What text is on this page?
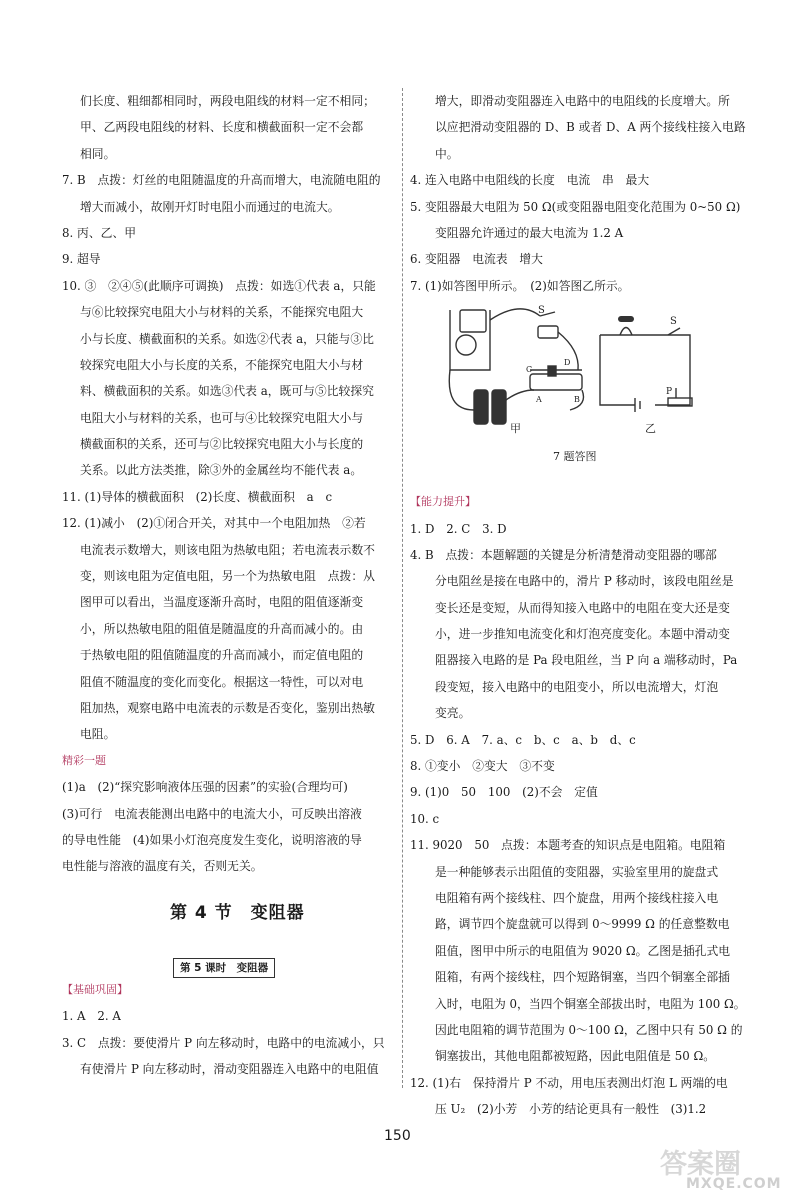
们长度、粗细都相同时，两段电阻线的材料一定不相同；
甲、乙两段电阻线的材料、长度和横截面积一定不会都
相同。
7. B　点拨：灯丝的电阻随温度的升高而增大，电流随电阻的
增大而减小，故刚开灯时电阻小而通过的电流大。
8. 丙、乙、甲
9. 超导
10. ③　②④⑤(此顺序可调换)　点拨：如选①代表 a，只能
与⑥比较探究电阻大小与材料的关系，不能探究电阻大
小与长度、横截面积的关系。如选②代表 a，只能与③比
较探究电阻大小与长度的关系，不能探究电阻大小与材
料、横截面积的关系。如选③代表 a，既可与⑤比较探究
电阻大小与材料的关系，也可与④比较探究电阻大小与
横截面积的关系，还可与②比较探究电阻大小与长度的
关系。以此方法类推，除③外的金属丝均不能代表 a。
11. (1)导体的横截面积　(2)长度、横截面积　a　c
12. (1)减小　(2)①闭合开关，对其中一个电阻加热　②若
电流表示数增大，则该电阻为热敏电阻；若电流表示数不
变，则该电阻为定值电阻，另一个为热敏电阻　点拨：从
图甲可以看出，当温度逐渐升高时，电阻的阻值逐渐变
小，所以热敏电阻的阻值是随温度的升高而减小的。由
于热敏电阻的阻值随温度的升高而减小，而定值电阻的
阻值不随温度的变化而变化。根据这一特性，可以对电
阻加热，观察电路中电流表的示数是否变化，鉴别出热敏
电阻。
精彩一题
(1)a　(2)“探究影响液体压强的因素”的实验(合理均可)
(3)可行　电流表能测出电路中的电流大小，可反映出溶液
的导电性能　(4)如果小灯泡亮度发生变化，说明溶液的导
电性能与溶液的温度有关，否则无关。
【基础巩固】
1. A　2. A
3. C　点拨：要使滑片 P 向左移动时，电路中的电流减小，只
有使滑片 P 向左移动时，滑动变阻器连入电路中的电阻值
第 4 节　变阻器
第 5 课时　变阻器
增大，即滑动变阻器连入电路中的电阻线的长度增大。所
以应把滑动变阻器的 D、B 或者 D、A 两个接线柱接入电路
中。
4. 连入电路中电阻线的长度　电流　串　最大
5. 变阻器最大电阻为 50 Ω(或变阻器电阻变化范围为 0~50 Ω)
变阻器允许通过的最大电流为 1.2 A
6. 变阻器　电流表　增大
7. (1)如答图甲所示。　(2)如答图乙所示。
【能力提升】
1. D　2. C　3. D
4. B　点拨：本题解题的关键是分析清楚滑动变阻器的哪部
分电阻丝是接在电路中的，滑片 P 移动时，该段电阻丝是
变长还是变短，从而得知接入电路中的电阻在变大还是变
小，进一步推知电流变化和灯泡亮度变化。本题中滑动变
阻器接入电路的是 Pa 段电阻丝，当 P 向 a 端移动时，Pa
段变短，接入电路中的电阻变小，所以电流增大，灯泡
变亮。
5. D　6. A　7. a、c　b、c　a、b　d、c
8. ①变小　②变大　③不变
9. (1)0　50　100　(2)不会　定值
10. c
11. 9020　50　点拨：本题考查的知识点是电阻箱。电阻箱
是一种能够表示出阻值的变阻器，实验室里用的旋盘式
电阻箱有两个接线柱、四个旋盘，用两个接线柱接入电
路，调节四个旋盘就可以得到 0～9999 Ω 的任意整数电
阻值，图甲中所示的电阻值为 9020 Ω。乙图是插孔式电
阻箱，有两个接线柱，四个短路铜塞，当四个铜塞全部插
入时，电阻为 0，当四个铜塞全部拔出时，电阻为 100 Ω。
因此电阻箱的调节范围为 0～100 Ω，乙图中只有 50 Ω 的
铜塞拔出，其他电阻都被短路，因此电阻值是 50 Ω。
12. (1)右　保持滑片 P 不动，用电压表测出灯泡 L 两端的电
压 U₂　(2)小芳　小芳的结论更具有一般性　(3)1.2
S
C
D
A	B
甲
S
P
乙
7 题答图
150
答案圈
MXQE.COM
